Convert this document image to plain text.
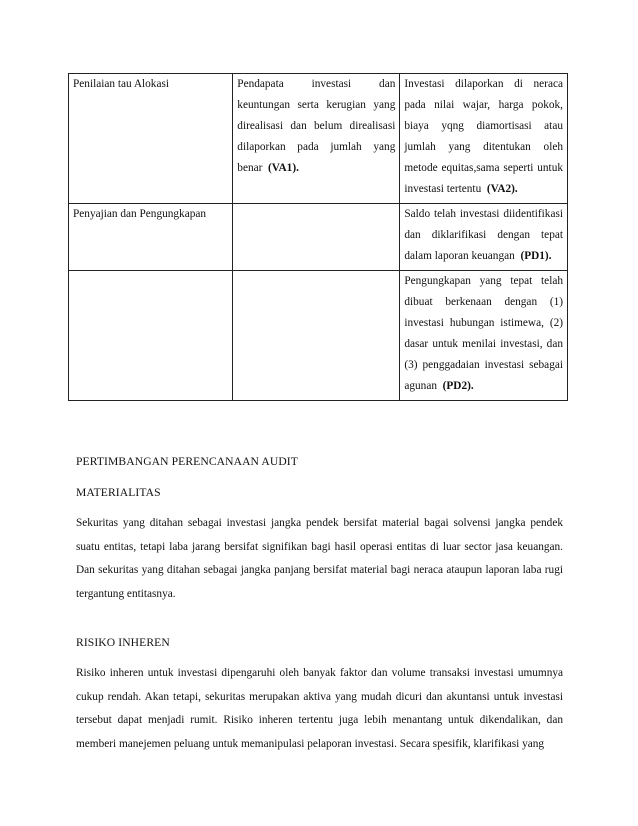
Penilaian tau Alokasi	Pendapata investasi dan keuntungan serta kerugian yang direalisasi dan belum direalisasi dilaporkan pada jumlah yang benar (VA1).	Investasi dilaporkan di neraca pada nilai wajar, harga pokok, biaya yqng diamortisasi atau jumlah yang ditentukan oleh metode equitas,sama seperti untuk investasi tertentu (VA2).
Penyajian dan Pengungkapan		Saldo telah investasi diidentifikasi dan diklarifikasi dengan tepat dalam laporan keuangan (PD1).
		Pengungkapan yang tepat telah dibuat berkenaan dengan (1) investasi hubungan istimewa, (2) dasar untuk menilai investasi, dan (3) penggadaian investasi sebagai agunan (PD2).
PERTIMBANGAN PERENCANAAN AUDIT
MATERIALITAS
Sekuritas yang ditahan sebagai investasi jangka pendek bersifat material bagai solvensi jangka pendek suatu entitas, tetapi laba jarang bersifat signifikan bagi hasil operasi entitas di luar sector jasa keuangan. Dan sekuritas yang ditahan sebagai jangka panjang bersifat material bagi neraca ataupun laporan laba rugi tergantung entitasnya.
RISIKO INHEREN
Risiko inheren untuk investasi dipengaruhi oleh banyak faktor dan volume transaksi investasi umumnya cukup rendah. Akan tetapi, sekuritas merupakan aktiva yang mudah dicuri dan akuntansi untuk investasi tersebut dapat menjadi rumit. Risiko inheren tertentu juga lebih menantang untuk dikendalikan, dan memberi manejemen peluang untuk memanipulasi pelaporan investasi. Secara spesifik, klarifikasi yang
